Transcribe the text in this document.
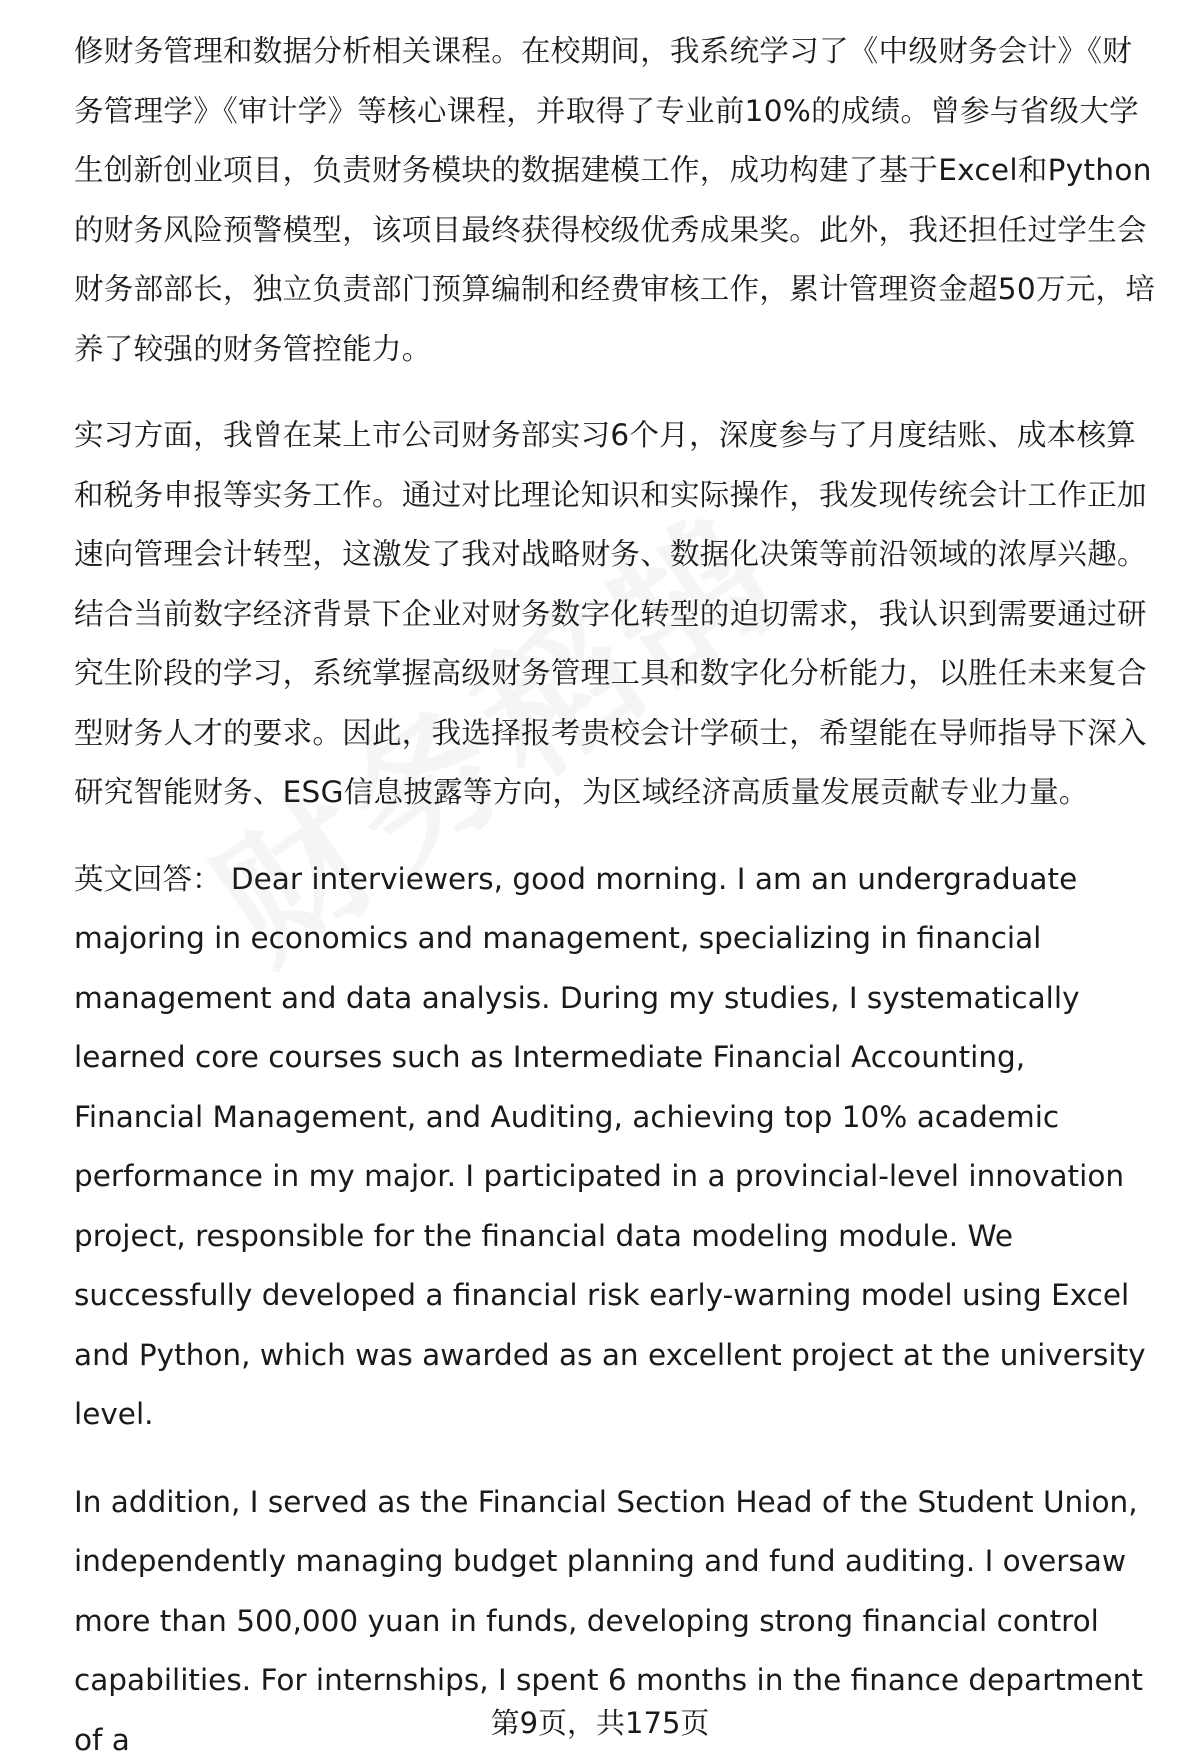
修财务管理和数据分析相关课程。在校期间，我系统学习了《中级财务会计》《财务管理学》《审计学》等核心课程，并取得了专业前10%的成绩。曾参与省级大学生创新创业项目，负责财务模块的数据建模工作，成功构建了基于Excel和Python的财务风险预警模型，该项目最终获得校级优秀成果奖。此外，我还担任过学生会财务部部长，独立负责部门预算编制和经费审核工作，累计管理资金超50万元，培养了较强的财务管控能力。

实习方面，我曾在某上市公司财务部实习6个月，深度参与了月度结账、成本核算和税务申报等实务工作。通过对比理论知识和实际操作，我发现传统会计工作正加速向管理会计转型，这激发了我对战略财务、数据化决策等前沿领域的浓厚兴趣。结合当前数字经济背景下企业对财务数字化转型的迫切需求，我认识到需要通过研究生阶段的学习，系统掌握高级财务管理工具和数字化分析能力，以胜任未来复合型财务人才的要求。因此，我选择报考贵校会计学硕士，希望能在导师指导下深入研究智能财务、ESG信息披露等方向，为区域经济高质量发展贡献专业力量。

英文回答： Dear interviewers, good morning. I am an undergraduate majoring in economics and management, specializing in financial management and data analysis. During my studies, I systematically learned core courses such as Intermediate Financial Accounting, Financial Management, and Auditing, achieving top 10% academic performance in my major. I participated in a provincial-level innovation project, responsible for the financial data modeling module. We successfully developed a financial risk early-warning model using Excel and Python, which was awarded as an excellent project at the university level.

In addition, I served as the Financial Section Head of the Student Union, independently managing budget planning and fund auditing. I oversaw more than 500,000 yuan in funds, developing strong financial control capabilities. For internships, I spent 6 months in the finance department of a	第9页，共175页
